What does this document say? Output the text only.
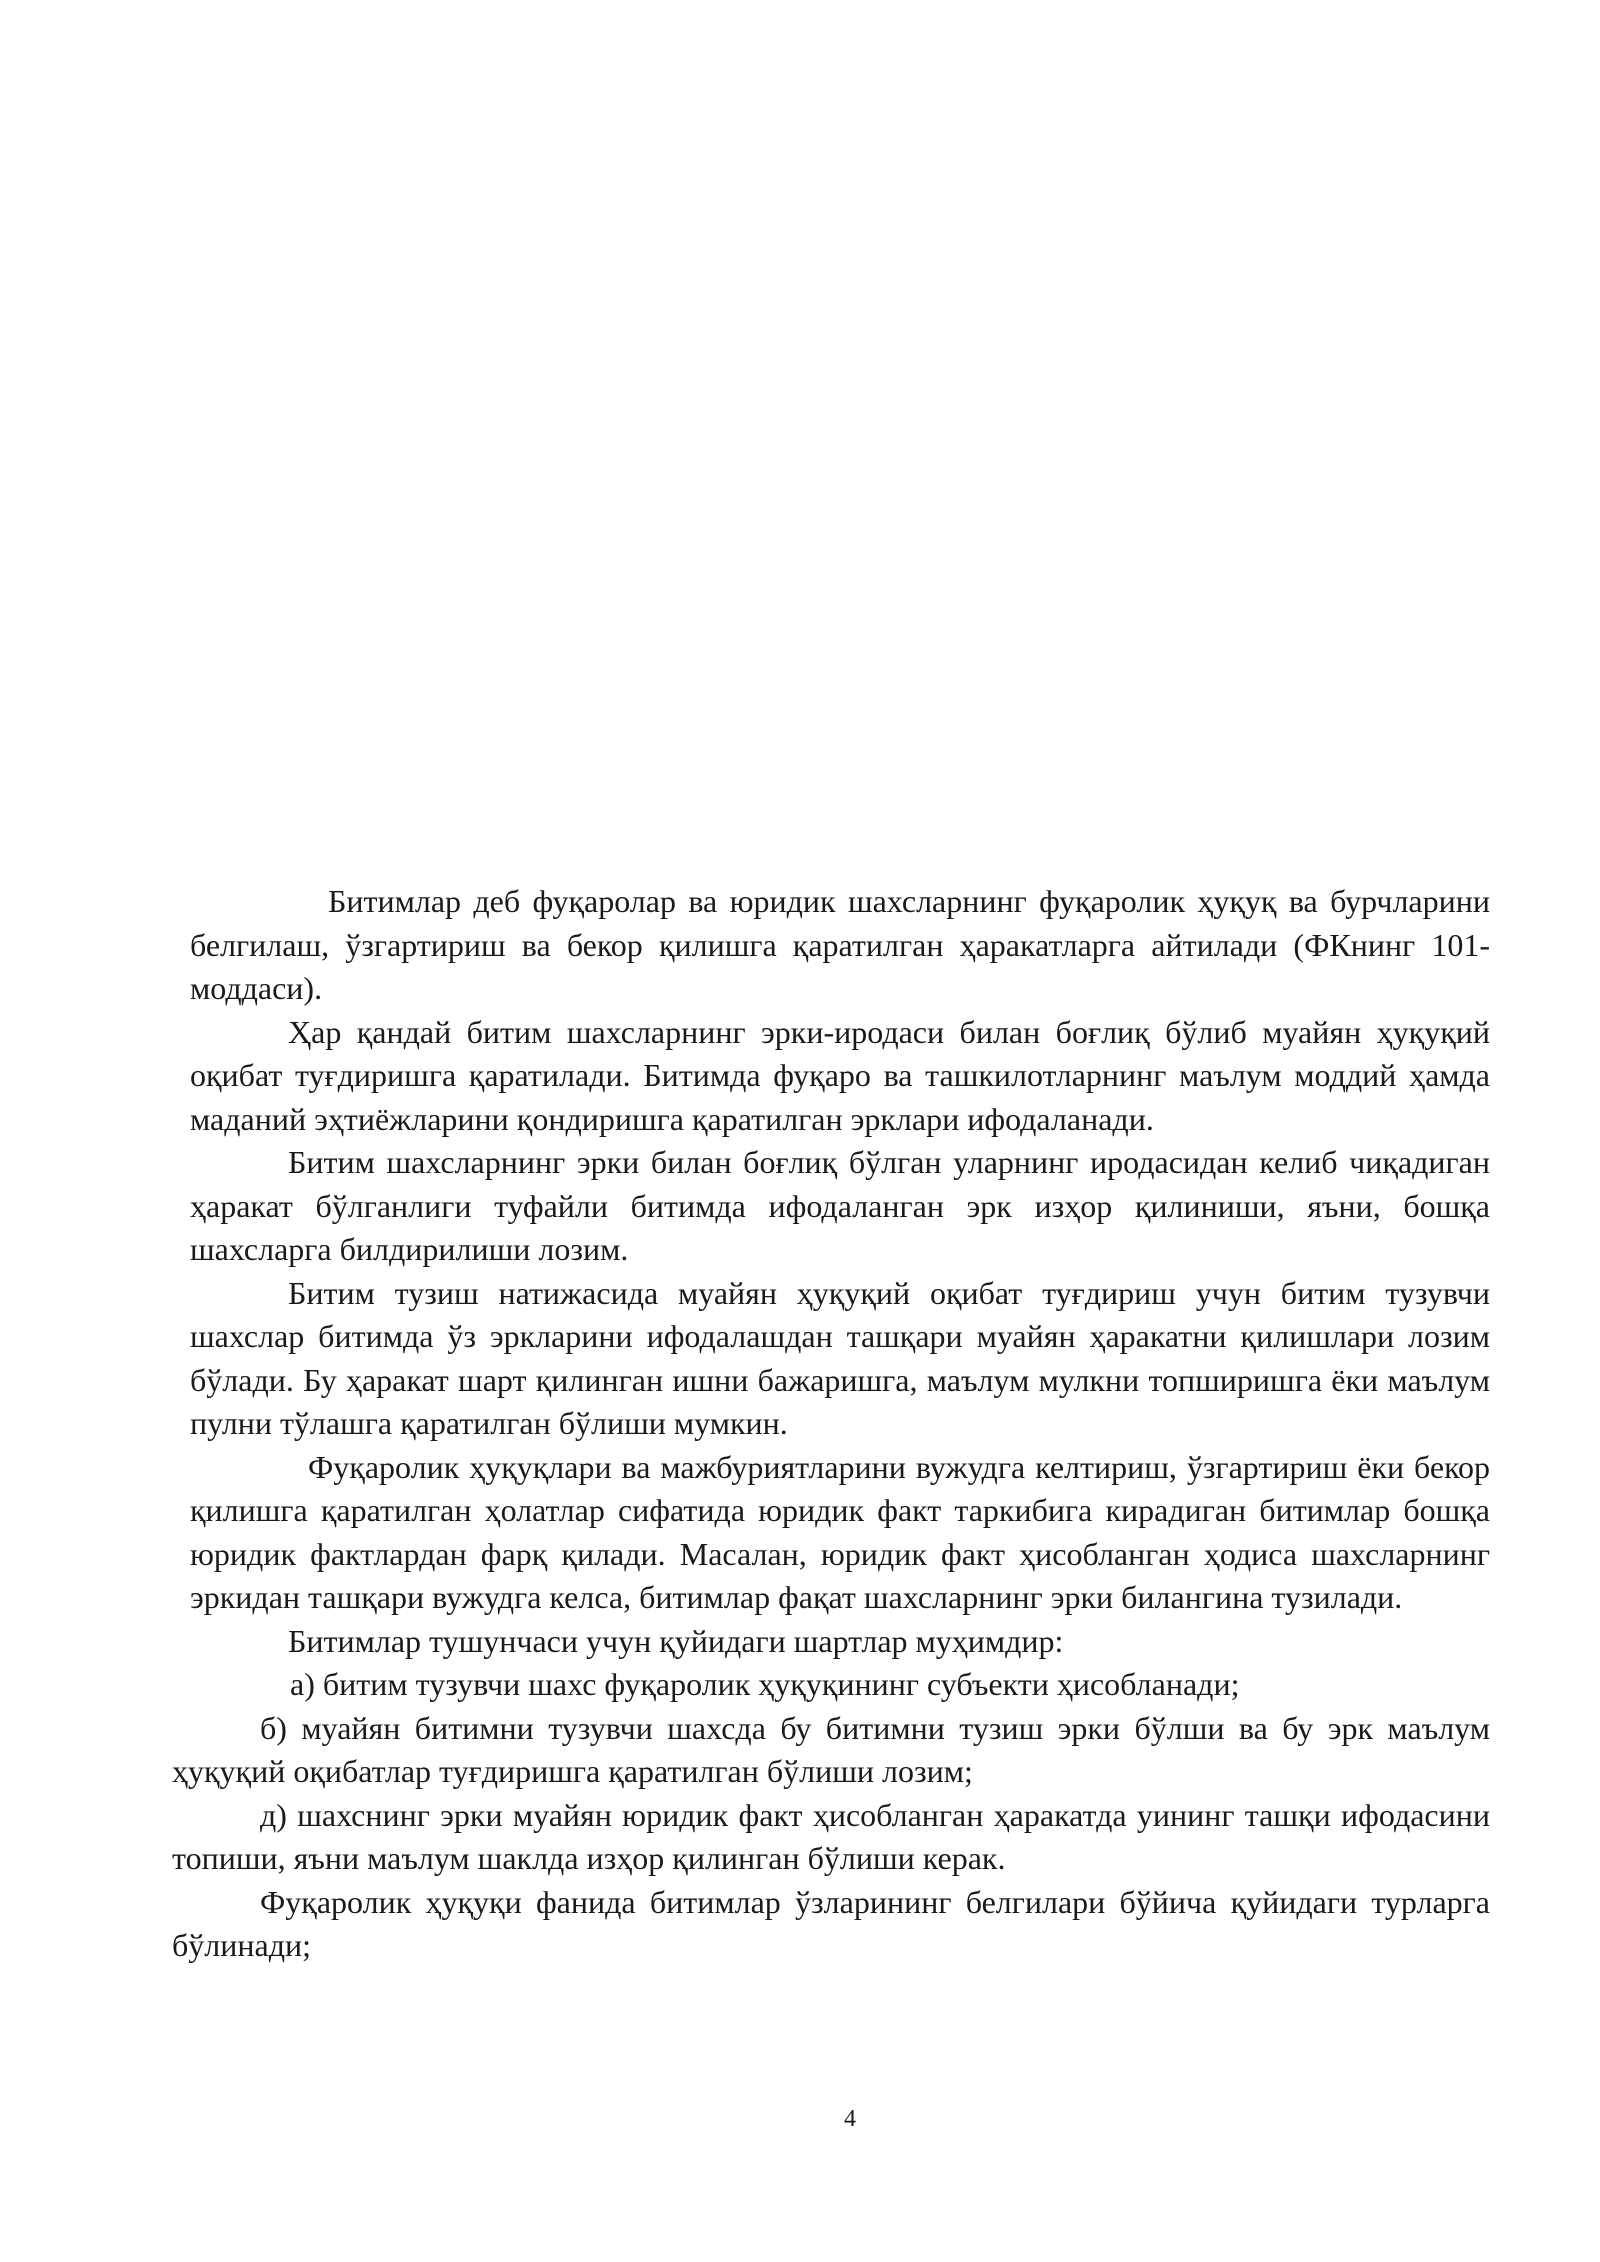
Битимлар деб фуқаролар ва юридик шахсларнинг фуқаролик ҳуқуқ ва бурчларини белгилаш, ўзгартириш ва бекор қилишга қаратилган ҳаракатларга айтилади (ФКнинг 101-моддаси).

Ҳар қандай битим шахсларнинг эрки-иродаси билан боғлиқ бўлиб муайян ҳуқуқий оқибат туғдиришга қаратилади. Битимда фуқаро ва ташкилотларнинг маълум моддий ҳамда маданий эҳтиёжларини қондиришга қаратилган эрклари ифодаланади.

Битим шахсларнинг эрки билан боғлиқ бўлган уларнинг иродасидан келиб чиқадиган ҳаракат бўлганлиги туфайли битимда ифодаланган эрк изҳор қилиниши, яъни, бошқа шахсларга билдирилиши лозим.

Битим тузиш натижасида муайян ҳуқуқий оқибат туғдириш учун битим тузувчи шахслар битимда ўз эркларини ифодалашдан ташқари муайян ҳаракатни қилишлари лозим бўлади. Бу ҳаракат шарт қилинган ишни бажаришга, маълум мулкни топширишга ёки маълум пулни тўлашга қаратилган бўлиши мумкин.

Фуқаролик ҳуқуқлари ва мажбуриятларини вужудга келтириш, ўзгартириш ёки бекор қилишга қаратилган ҳолатлар сифатида юридик факт таркибига кирадиган битимлар бошқа юридик фактлардан фарқ қилади. Масалан, юридик факт ҳисобланган ҳодиса шахсларнинг эркидан ташқари вужудга келса, битимлар фақат шахсларнинг эрки билангина тузилади.

Битимлар тушунчаси учун қуйидаги шартлар муҳимдир:

а) битим тузувчи шахс фуқаролик ҳуқуқининг субъекти ҳисобланади;

б) муайян битимни тузувчи шахсда бу битимни тузиш эрки бўлши ва бу эрк маълум ҳуқуқий оқибатлар туғдиришга қаратилган бўлиши лозим;

д) шахснинг эрки муайян юридик факт ҳисобланган ҳаракатда уининг ташқи ифодасини топиши, яъни маълум шаклда изҳор қилинган бўлиши керак.

Фуқаролик ҳуқуқи фанида битимлар ўзларининг белгилари бўйича қуйидаги турларга бўлинади;

4
